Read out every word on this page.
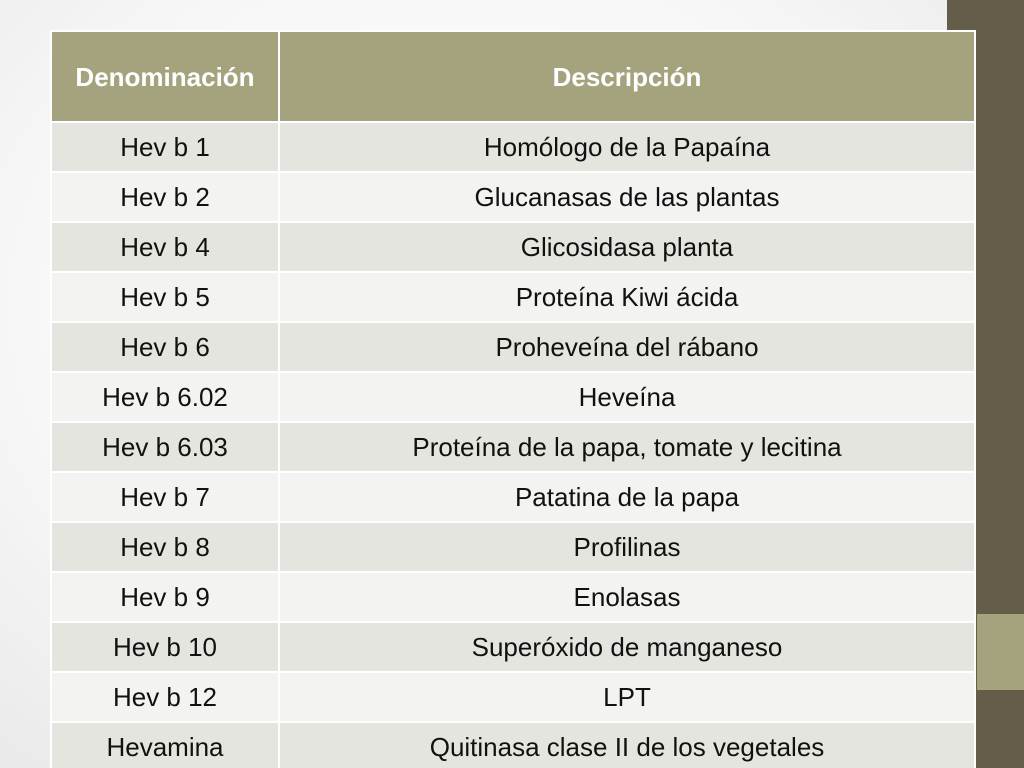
Denominación	Descripción
Hev b 1	Homólogo de la Papaína
Hev b 2	Glucanasas de las plantas
Hev b 4	Glicosidasa planta
Hev b 5	Proteína Kiwi ácida
Hev b 6	Proheveína del rábano
Hev b 6.02	Heveína
Hev b 6.03	Proteína de la papa, tomate y lecitina
Hev b 7	Patatina de la papa
Hev b 8	Profilinas
Hev b 9	Enolasas
Hev b 10	Superóxido de manganeso
Hev b 12	LPT
Hevamina	Quitinasa clase II de los vegetales
